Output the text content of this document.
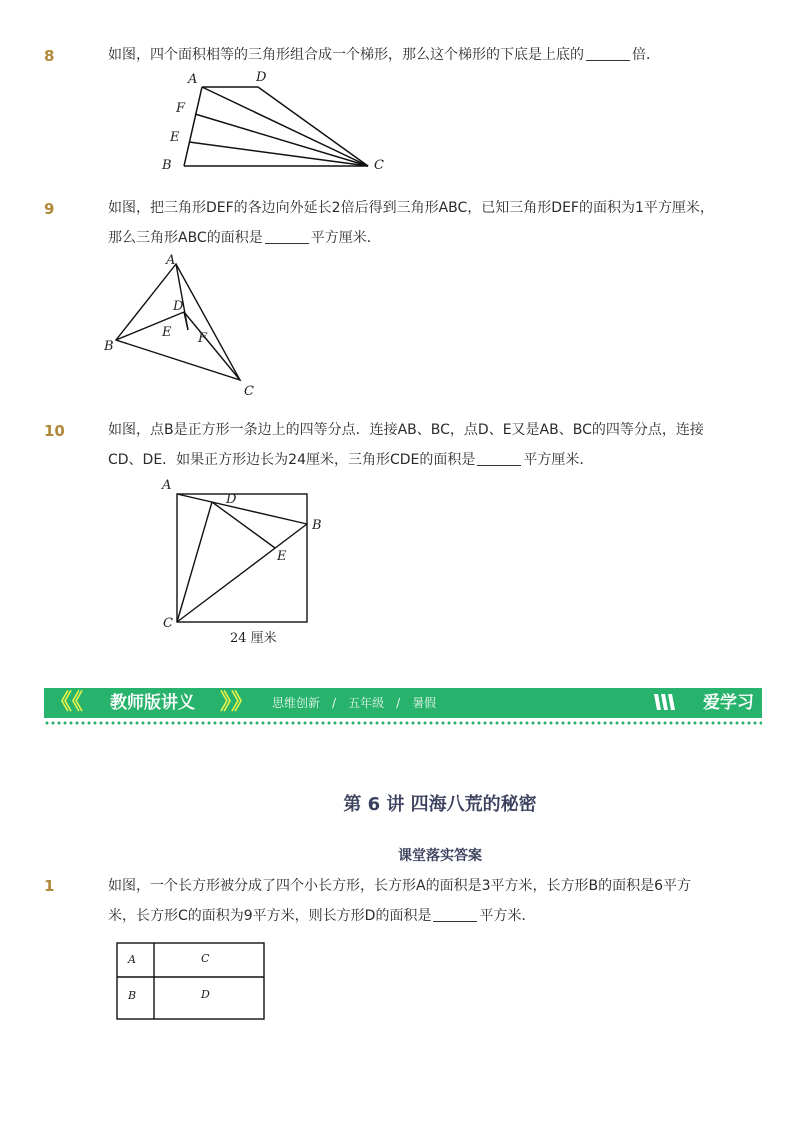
8	如图，四个面积相等的三角形组合成一个梯形，那么这个梯形的下底是上底的	倍．
A	D
F
E
B	C
9	如图，把三角形DEF的各边向外延长2倍后得到三角形ABC，已知三角形DEF的面积为1平方厘米，
那么三角形ABC的面积是	平方厘米．
A
D
E F
B
C
10	如图，点B是正方形一条边上的四等分点．连接AB、BC，点D、E又是AB、BC的四等分点，连接
CD、DE．如果正方形边长为24厘米，三角形CDE的面积是	平方厘米．
A
D
B
E
C
24 厘米
《《 教师版讲义 》》	思维创新 / 五年级 / 暑假	爱学习
第 6 讲 四海八荒的秘密
课堂落实答案
1	如图，一个长方形被分成了四个小长方形，长方形A的面积是3平方米，长方形B的面积是6平方
米，长方形C的面积为9平方米，则长方形D的面积是	平方米．
A	C
B	D
